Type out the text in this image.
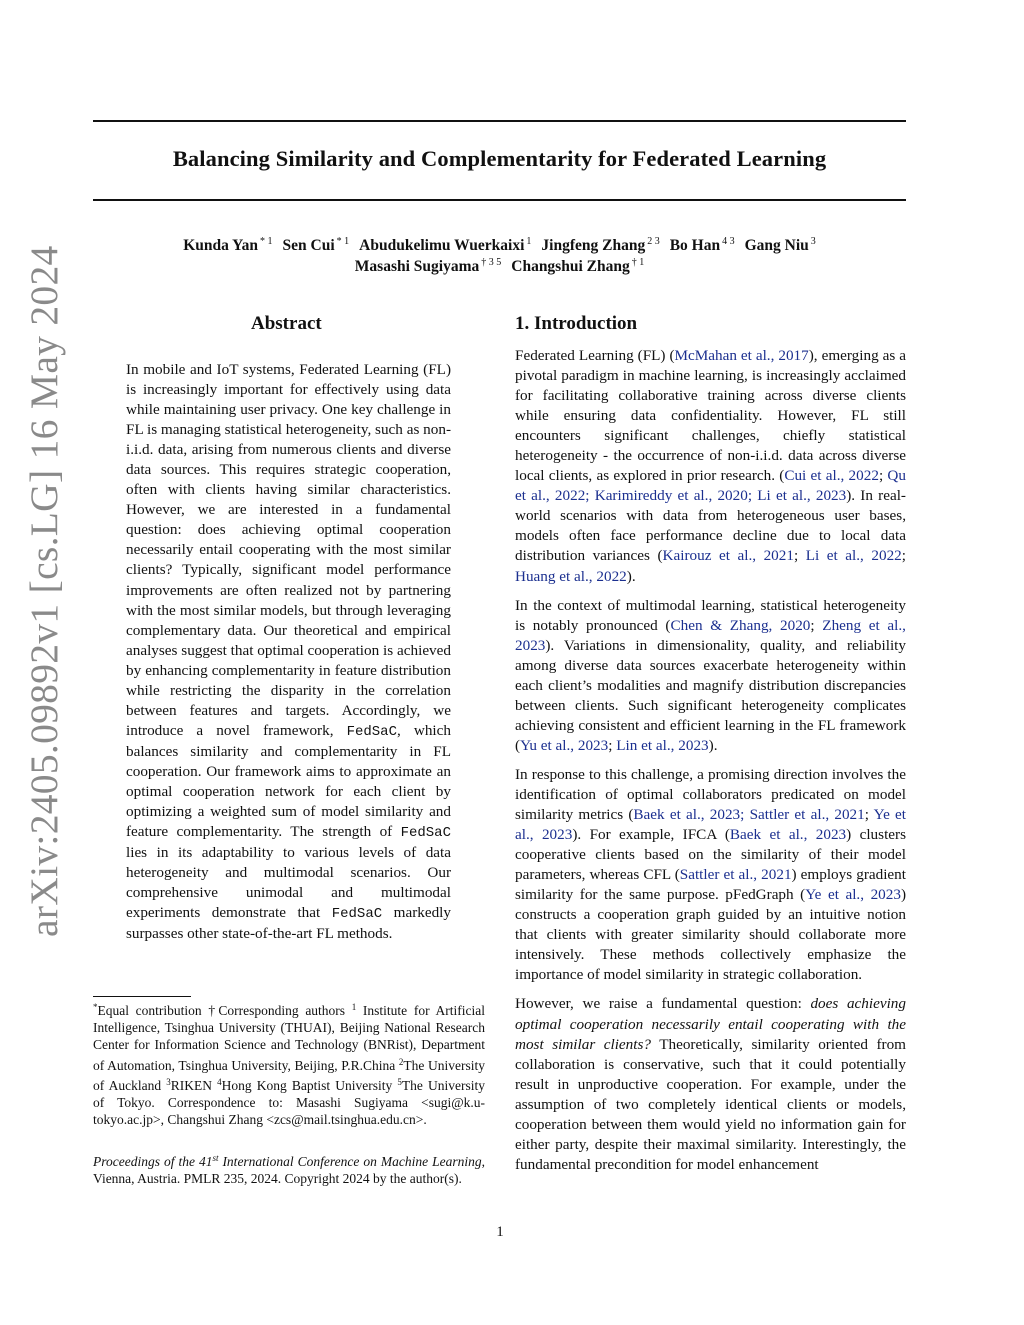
arXiv:2405.09892v1 [cs.LG] 16 May 2024
Balancing Similarity and Complementarity for Federated Learning
Kunda Yan $^{* 1}$ Sen Cui $^{* 1}$ Abudukelimu Wuerkaixi $^1$ Jingfeng Zhang $^{2 3}$ Bo Han $^{4 3}$ Gang Niu $^3$
Masashi Sugiyama $^{\dagger 3 5}$ Changshui Zhang $^{\dagger 1}$
Abstract

In mobile and IoT systems, Federated Learning (FL) is increasingly important for effectively using data while maintaining user privacy. One key challenge in FL is managing statistical heterogeneity, such as non-i.i.d. data, arising from numerous clients and diverse data sources. This requires strategic cooperation, often with clients having similar characteristics. However, we are interested in a fundamental question: does achieving optimal cooperation necessarily entail cooperating with the most similar clients? Typically, significant model performance improvements are often realized not by partnering with the most similar models, but through leveraging complementary data. Our theoretical and empirical analyses suggest that optimal cooperation is achieved by enhancing complementarity in feature distribution while restricting the disparity in the correlation between features and targets. Accordingly, we introduce a novel framework, FedSaC, which balances similarity and complementarity in FL cooperation. Our framework aims to approximate an optimal cooperation network for each client by optimizing a weighted sum of model similarity and feature complementarity. The strength of FedSaC lies in its adaptability to various levels of data heterogeneity and multimodal scenarios. Our comprehensive unimodal and multimodal experiments demonstrate that FedSaC markedly surpasses other state-of-the-art FL methods.

*Equal contribution †Corresponding authors $^1$ Institute for Artificial Intelligence, Tsinghua University (THUAI), Beijing National Research Center for Information Science and Technology (BNRist), Department of Automation, Tsinghua University, Beijing, P.R.China $^2$The University of Auckland $^3$RIKEN $^4$Hong Kong Baptist University $^5$The University of Tokyo. Correspondence to: Masashi Sugiyama <sugi@k.u-tokyo.ac.jp>, Changshui Zhang <zcs@mail.tsinghua.edu.cn>.

Proceedings of the 41st International Conference on Machine Learning, Vienna, Austria. PMLR 235, 2024. Copyright 2024 by the author(s).
1. Introduction

Federated Learning (FL) (McMahan et al., 2017), emerging as a pivotal paradigm in machine learning, is increasingly acclaimed for facilitating collaborative training across diverse clients while ensuring data confidentiality. However, FL still encounters significant challenges, chiefly statistical heterogeneity - the occurrence of non-i.i.d. data across diverse local clients, as explored in prior research. (Cui et al., 2022; Qu et al., 2022; Karimireddy et al., 2020; Li et al., 2023). In real-world scenarios with data from heterogeneous user bases, models often face performance decline due to local data distribution variances (Kairouz et al., 2021; Li et al., 2022; Huang et al., 2022).

In the context of multimodal learning, statistical heterogeneity is notably pronounced (Chen & Zhang, 2020; Zheng et al., 2023). Variations in dimensionality, quality, and reliability among diverse data sources exacerbate heterogeneity within each client’s modalities and magnify distribution discrepancies between clients. Such significant heterogeneity complicates achieving consistent and efficient learning in the FL framework (Yu et al., 2023; Lin et al., 2023).

In response to this challenge, a promising direction involves the identification of optimal collaborators predicated on model similarity metrics (Baek et al., 2023; Sattler et al., 2021; Ye et al., 2023). For example, IFCA (Baek et al., 2023) clusters cooperative clients based on the similarity of their model parameters, whereas CFL (Sattler et al., 2021) employs gradient similarity for the same purpose. pFedGraph (Ye et al., 2023) constructs a cooperation graph guided by an intuitive notion that clients with greater similarity should collaborate more intensively. These methods collectively emphasize the importance of model similarity in strategic collaboration.

However, we raise a fundamental question: does achieving optimal cooperation necessarily entail cooperating with the most similar clients? Theoretically, similarity oriented from collaboration is conservative, such that it could potentially result in unproductive cooperation. For example, under the assumption of two completely identical clients or models, cooperation between them would yield no information gain for either party, despite their maximal similarity. Interestingly, the fundamental precondition for model enhancement

1
